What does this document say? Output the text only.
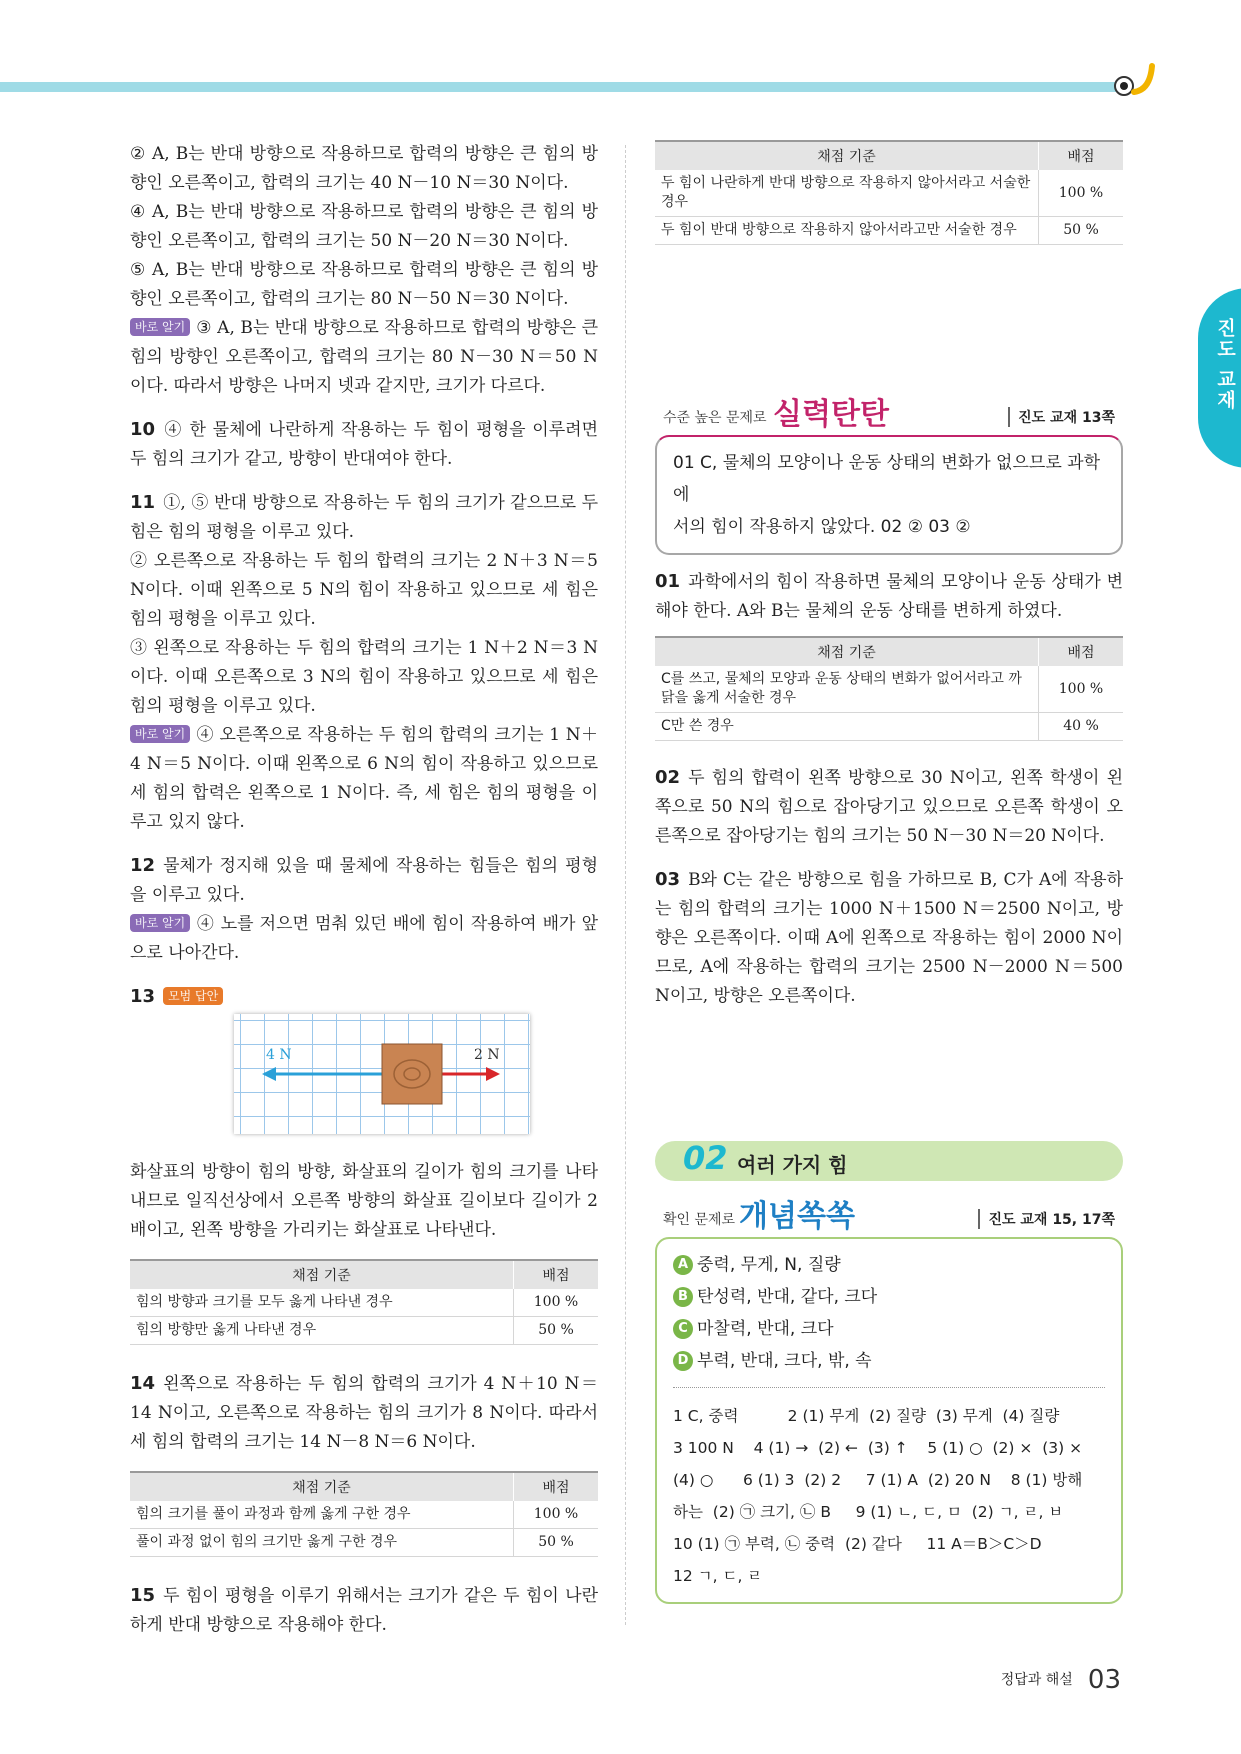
진도 교재

② A, B는 반대 방향으로 작용하므로 합력의 방향은 큰 힘의 방향인 오른쪽이고, 합력의 크기는 40 N－10 N＝30 N이다.

④ A, B는 반대 방향으로 작용하므로 합력의 방향은 큰 힘의 방향인 오른쪽이고, 합력의 크기는 50 N－20 N＝30 N이다.

⑤ A, B는 반대 방향으로 작용하므로 합력의 방향은 큰 힘의 방향인 오른쪽이고, 합력의 크기는 80 N－50 N＝30 N이다.

바로 알기 ③ A, B는 반대 방향으로 작용하므로 합력의 방향은 큰 힘의 방향인 오른쪽이고, 합력의 크기는 80 N－30 N＝50 N이다. 따라서 방향은 나머지 넷과 같지만, 크기가 다르다.

10 ④ 한 물체에 나란하게 작용하는 두 힘이 평형을 이루려면 두 힘의 크기가 같고, 방향이 반대여야 한다.

11 ①, ⑤ 반대 방향으로 작용하는 두 힘의 크기가 같으므로 두 힘은 힘의 평형을 이루고 있다.

② 오른쪽으로 작용하는 두 힘의 합력의 크기는 2 N＋3 N＝5 N이다. 이때 왼쪽으로 5 N의 힘이 작용하고 있으므로 세 힘은 힘의 평형을 이루고 있다.

③ 왼쪽으로 작용하는 두 힘의 합력의 크기는 1 N＋2 N＝3 N이다. 이때 오른쪽으로 3 N의 힘이 작용하고 있으므로 세 힘은 힘의 평형을 이루고 있다.

바로 알기 ④ 오른쪽으로 작용하는 두 힘의 합력의 크기는 1 N＋4 N＝5 N이다. 이때 왼쪽으로 6 N의 힘이 작용하고 있으므로 세 힘의 합력은 왼쪽으로 1 N이다. 즉, 세 힘은 힘의 평형을 이루고 있지 않다.

12 물체가 정지해 있을 때 물체에 작용하는 힘들은 힘의 평형을 이루고 있다.

바로 알기 ④ 노를 저으면 멈춰 있던 배에 힘이 작용하여 배가 앞으로 나아간다.

13 모범 답안

4 N	2 N

화살표의 방향이 힘의 방향, 화살표의 길이가 힘의 크기를 나타내므로 일직선상에서 오른쪽 방향의 화살표 길이보다 길이가 2배이고, 왼쪽 방향을 가리키는 화살표로 나타낸다.

채점 기준	배점
힘의 방향과 크기를 모두 옳게 나타낸 경우	100 %
힘의 방향만 옳게 나타낸 경우	50 %

14 왼쪽으로 작용하는 두 힘의 합력의 크기가 4 N＋10 N＝14 N이고, 오른쪽으로 작용하는 힘의 크기가 8 N이다. 따라서 세 힘의 합력의 크기는 14 N－8 N＝6 N이다.

채점 기준	배점
힘의 크기를 풀이 과정과 함께 옳게 구한 경우	100 %
풀이 과정 없이 힘의 크기만 옳게 구한 경우	50 %

15 두 힘이 평형을 이루기 위해서는 크기가 같은 두 힘이 나란하게 반대 방향으로 작용해야 한다.

채점 기준	배점
두 힘이 나란하게 반대 방향으로 작용하지 않아서라고 서술한 경우	100 %
두 힘이 반대 방향으로 작용하지 않아서라고만 서술한 경우	50 %
수준 높은 문제로 실력탄탄	진도 교재 13쪽
01 C, 물체의 모양이나 운동 상태의 변화가 없으므로 과학에
서의 힘이 작용하지 않았다. 02 ② 03 ②

01 과학에서의 힘이 작용하면 물체의 모양이나 운동 상태가 변해야 한다. A와 B는 물체의 운동 상태를 변하게 하였다.

채점 기준	배점
C를 쓰고, 물체의 모양과 운동 상태의 변화가 없어서라고 까닭을 옳게 서술한 경우	100 %
C만 쓴 경우	40 %

02 두 힘의 합력이 왼쪽 방향으로 30 N이고, 왼쪽 학생이 왼쪽으로 50 N의 힘으로 잡아당기고 있으므로 오른쪽 학생이 오른쪽으로 잡아당기는 힘의 크기는 50 N－30 N＝20 N이다.

03 B와 C는 같은 방향으로 힘을 가하므로 B, C가 A에 작용하는 힘의 합력의 크기는 1000 N＋1500 N＝2500 N이고, 방향은 오른쪽이다. 이때 A에 왼쪽으로 작용하는 힘이 2000 N이므로, A에 작용하는 합력의 크기는 2500 N－2000 N＝500 N이고, 방향은 오른쪽이다.

02 여러 가지 힘
확인 문제로 개념쏙쏙	진도 교재 15, 17쪽
A 중력, 무게, N, 질량
B 탄성력, 반대, 같다, 크다
C 마찰력, 반대, 크다
D 부력, 반대, 크다, 밖, 속
1 C, 중력          2 (1) 무게  (2) 질량  (3) 무게  (4) 질량
3 100 N    4 (1) →  (2) ←  (3) ↑    5 (1) ○  (2) ×  (3) ×
(4) ○      6 (1) 3  (2) 2     7 (1) A  (2) 20 N    8 (1) 방해
하는  (2) ㉠ 크기, ㉡ B     9 (1) ㄴ, ㄷ, ㅁ  (2) ㄱ, ㄹ, ㅂ
10 (1) ㉠ 부력, ㉡ 중력  (2) 같다     11 A＝B＞C＞D
12 ㄱ, ㄷ, ㄹ
정답과 해설 03
